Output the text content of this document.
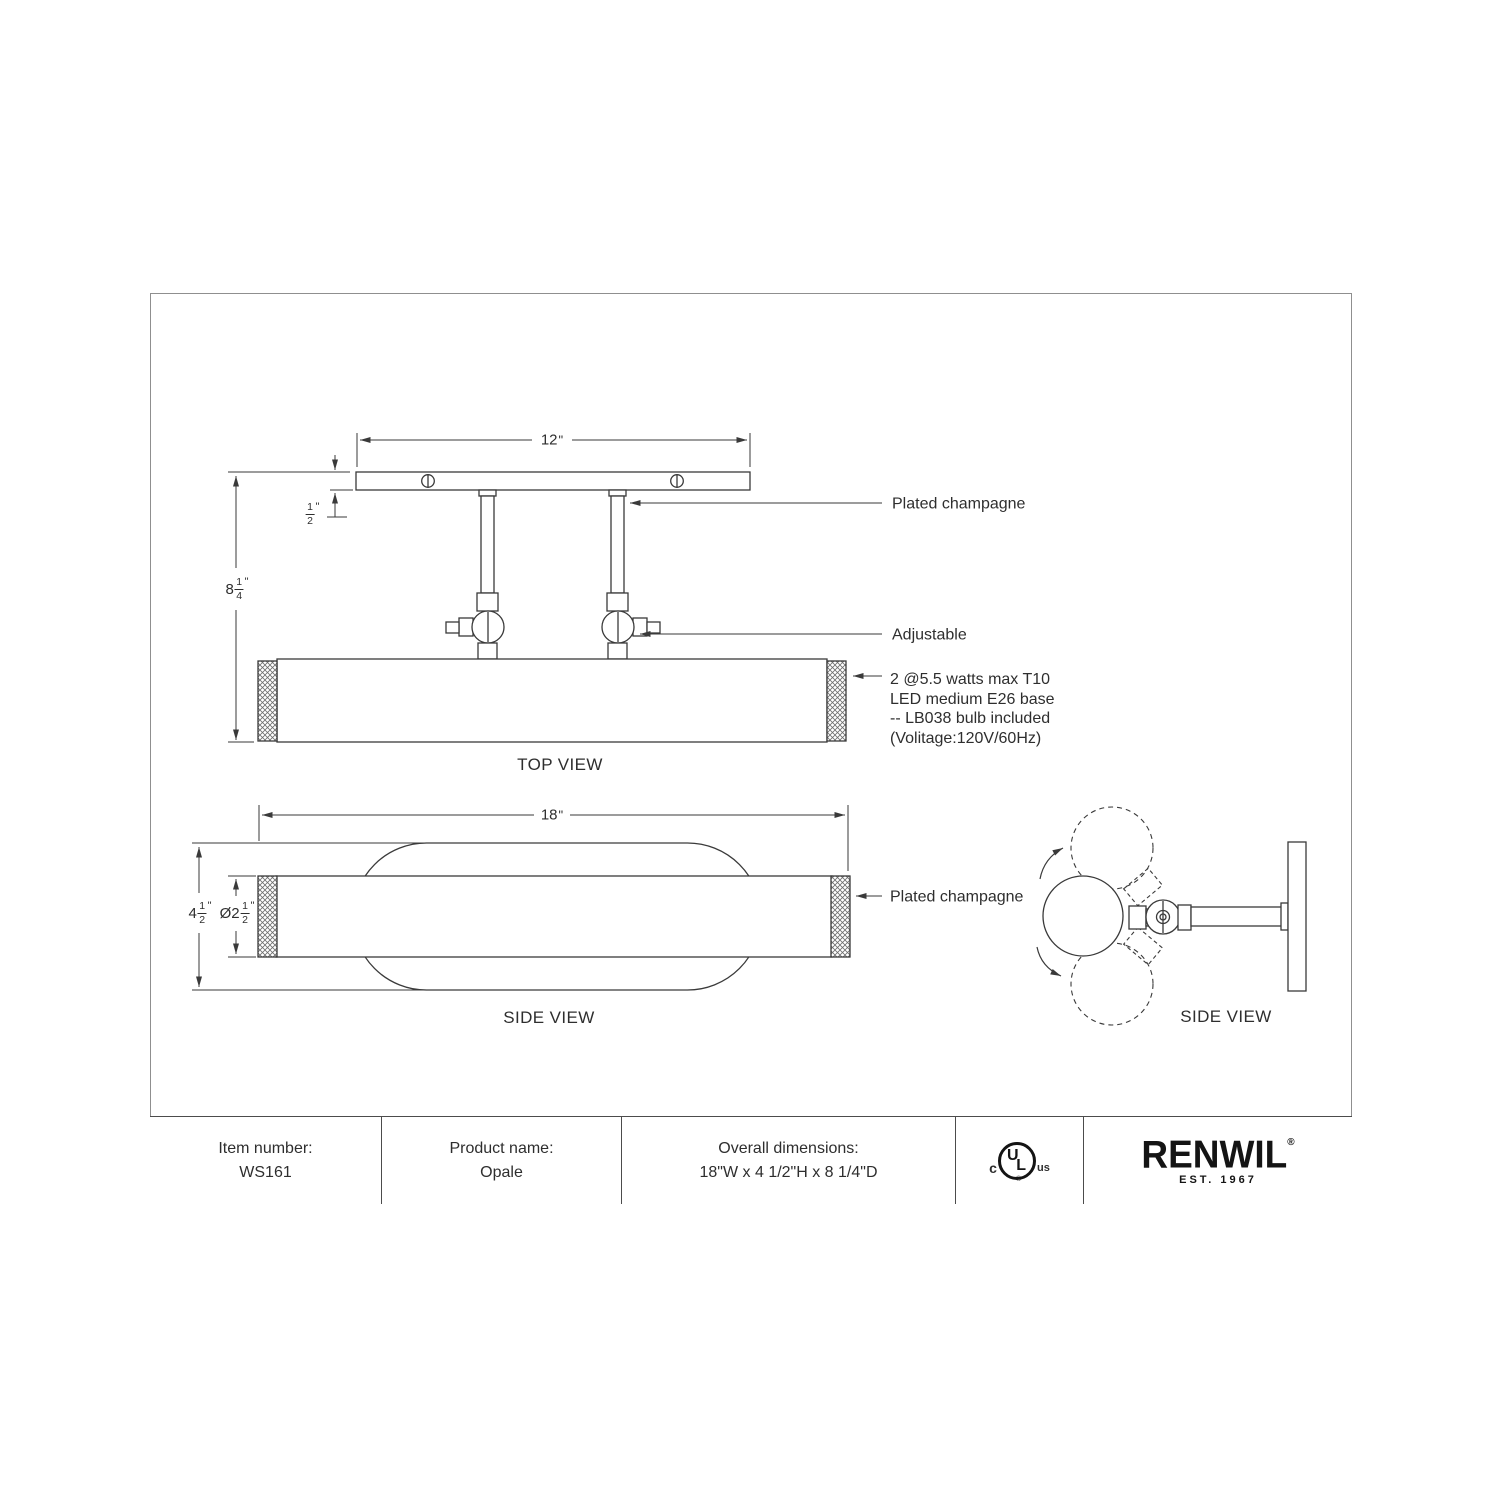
12 "
$\frac{1}{2}$ "
$8 \frac{1}{4}$ "
Plated champagne
Adjustable
2 @5.5 watts max T10
LED medium E26 base
-- LB038 bulb included
(Volitage:120V/60Hz)
TOP VIEW
18 "
$4 \frac{1}{2}$ " Ø2 $\frac{1}{2}$ "
Plated champagne
SIDE VIEW	SIDE VIEW
Item number:
WS161
Product name:
Opale
Overall dimensions:
18"W x 4 1/2"H x 8 1/4"D	c
U
L
®
us RENWIL ®
EST. 1967
